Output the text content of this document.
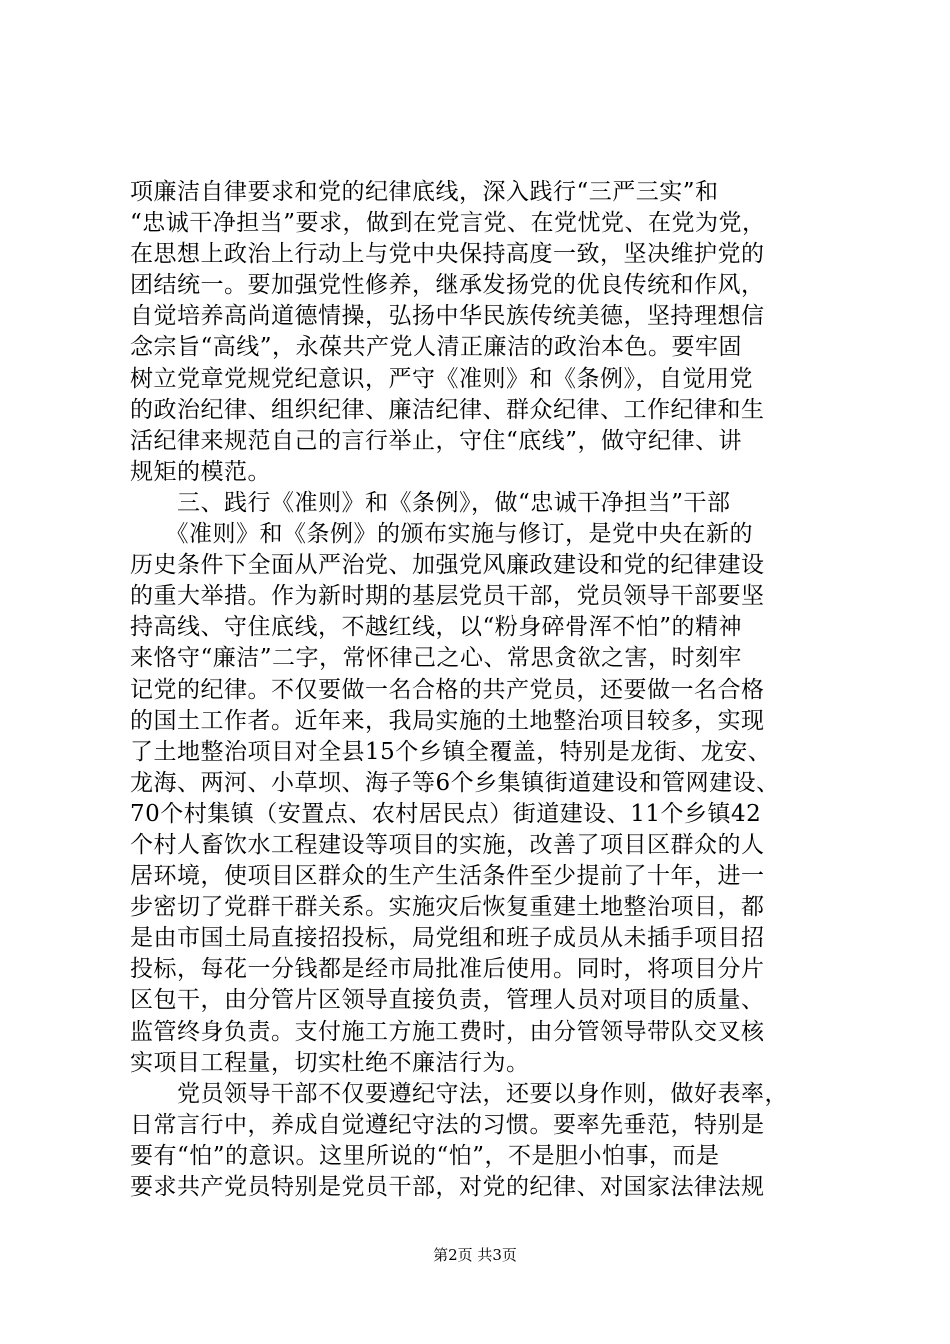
项廉洁自律要求和党的纪律底线，深入践行“三严三实”和
“忠诚干净担当”要求，做到在党言党、在党忧党、在党为党，
在思想上政治上行动上与党中央保持高度一致，坚决维护党的
团结统一。要加强党性修养，继承发扬党的优良传统和作风，
自觉培养高尚道德情操，弘扬中华民族传统美德，坚持理想信
念宗旨“高线”，永葆共产党人清正廉洁的政治本色。要牢固
树立党章党规党纪意识，严守《准则》和《条例》，自觉用党
的政治纪律、组织纪律、廉洁纪律、群众纪律、工作纪律和生
活纪律来规范自己的言行举止，守住“底线”，做守纪律、讲
规矩的模范。
　　三、践行《准则》和《条例》，做“忠诚干净担当”干部
　　《准则》和《条例》的颁布实施与修订，是党中央在新的
历史条件下全面从严治党、加强党风廉政建设和党的纪律建设
的重大举措。作为新时期的基层党员干部，党员领导干部要坚
持高线、守住底线，不越红线，以“粉身碎骨浑不怕”的精神
来恪守“廉洁”二字，常怀律己之心、常思贪欲之害，时刻牢
记党的纪律。不仅要做一名合格的共产党员，还要做一名合格
的国土工作者。近年来，我局实施的土地整治项目较多，实现
了土地整治项目对全县15个乡镇全覆盖，特别是龙街、龙安、
龙海、两河、小草坝、海子等6个乡集镇街道建设和管网建设、
70个村集镇（安置点、农村居民点）街道建设、11个乡镇42
个村人畜饮水工程建设等项目的实施，改善了项目区群众的人
居环境，使项目区群众的生产生活条件至少提前了十年，进一
步密切了党群干群关系。实施灾后恢复重建土地整治项目，都
是由市国土局直接招投标，局党组和班子成员从未插手项目招
投标，每花一分钱都是经市局批准后使用。同时，将项目分片
区包干，由分管片区领导直接负责，管理人员对项目的质量、
监管终身负责。支付施工方施工费时，由分管领导带队交叉核
实项目工程量，切实杜绝不廉洁行为。
　　党员领导干部不仅要遵纪守法，还要以身作则，做好表率，
日常言行中，养成自觉遵纪守法的习惯。要率先垂范，特别是
要有“怕”的意识。这里所说的“怕”，不是胆小怕事，而是
要求共产党员特别是党员干部，对党的纪律、对国家法律法规
第2页 共3页
